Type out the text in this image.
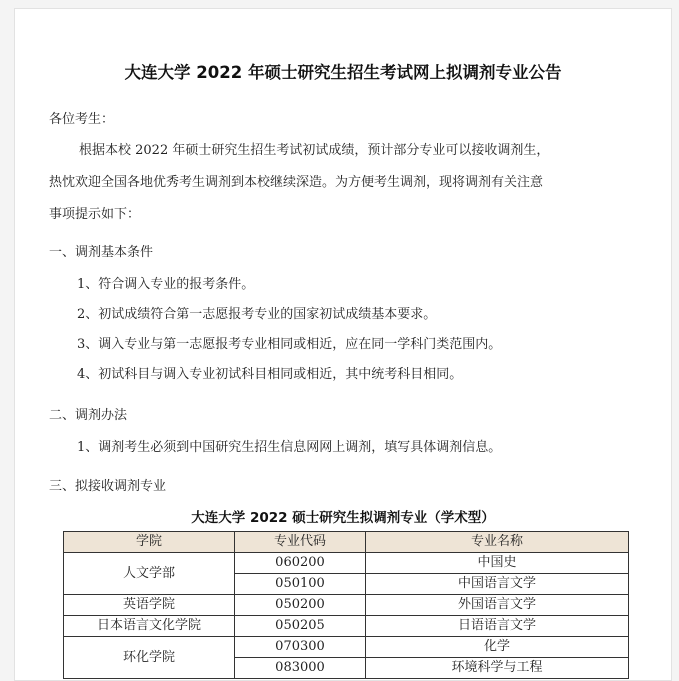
大连大学 2022 年硕士研究生招生考试网上拟调剂专业公告
各位考生：
根据本校 2022 年硕士研究生招生考试初试成绩，预计部分专业可以接收调剂生，
热忱欢迎全国各地优秀考生调剂到本校继续深造。为方便考生调剂，现将调剂有关注意
事项提示如下：
一、调剂基本条件
1、符合调入专业的报考条件。
2、初试成绩符合第一志愿报考专业的国家初试成绩基本要求。
3、调入专业与第一志愿报考专业相同或相近，应在同一学科门类范围内。
4、初试科目与调入专业初试科目相同或相近，其中统考科目相同。
二、调剂办法
1、调剂考生必须到中国研究生招生信息网网上调剂，填写具体调剂信息。
三、拟接收调剂专业
大连大学 2022 硕士研究生拟调剂专业（学术型）
学院	专业代码	专业名称
人文学部	060200	中国史
	050100	中国语言文学
英语学院	050200	外国语言文学
日本语言文化学院	050205	日语语言文学
环化学院	070300	化学
	083000	环境科学与工程
